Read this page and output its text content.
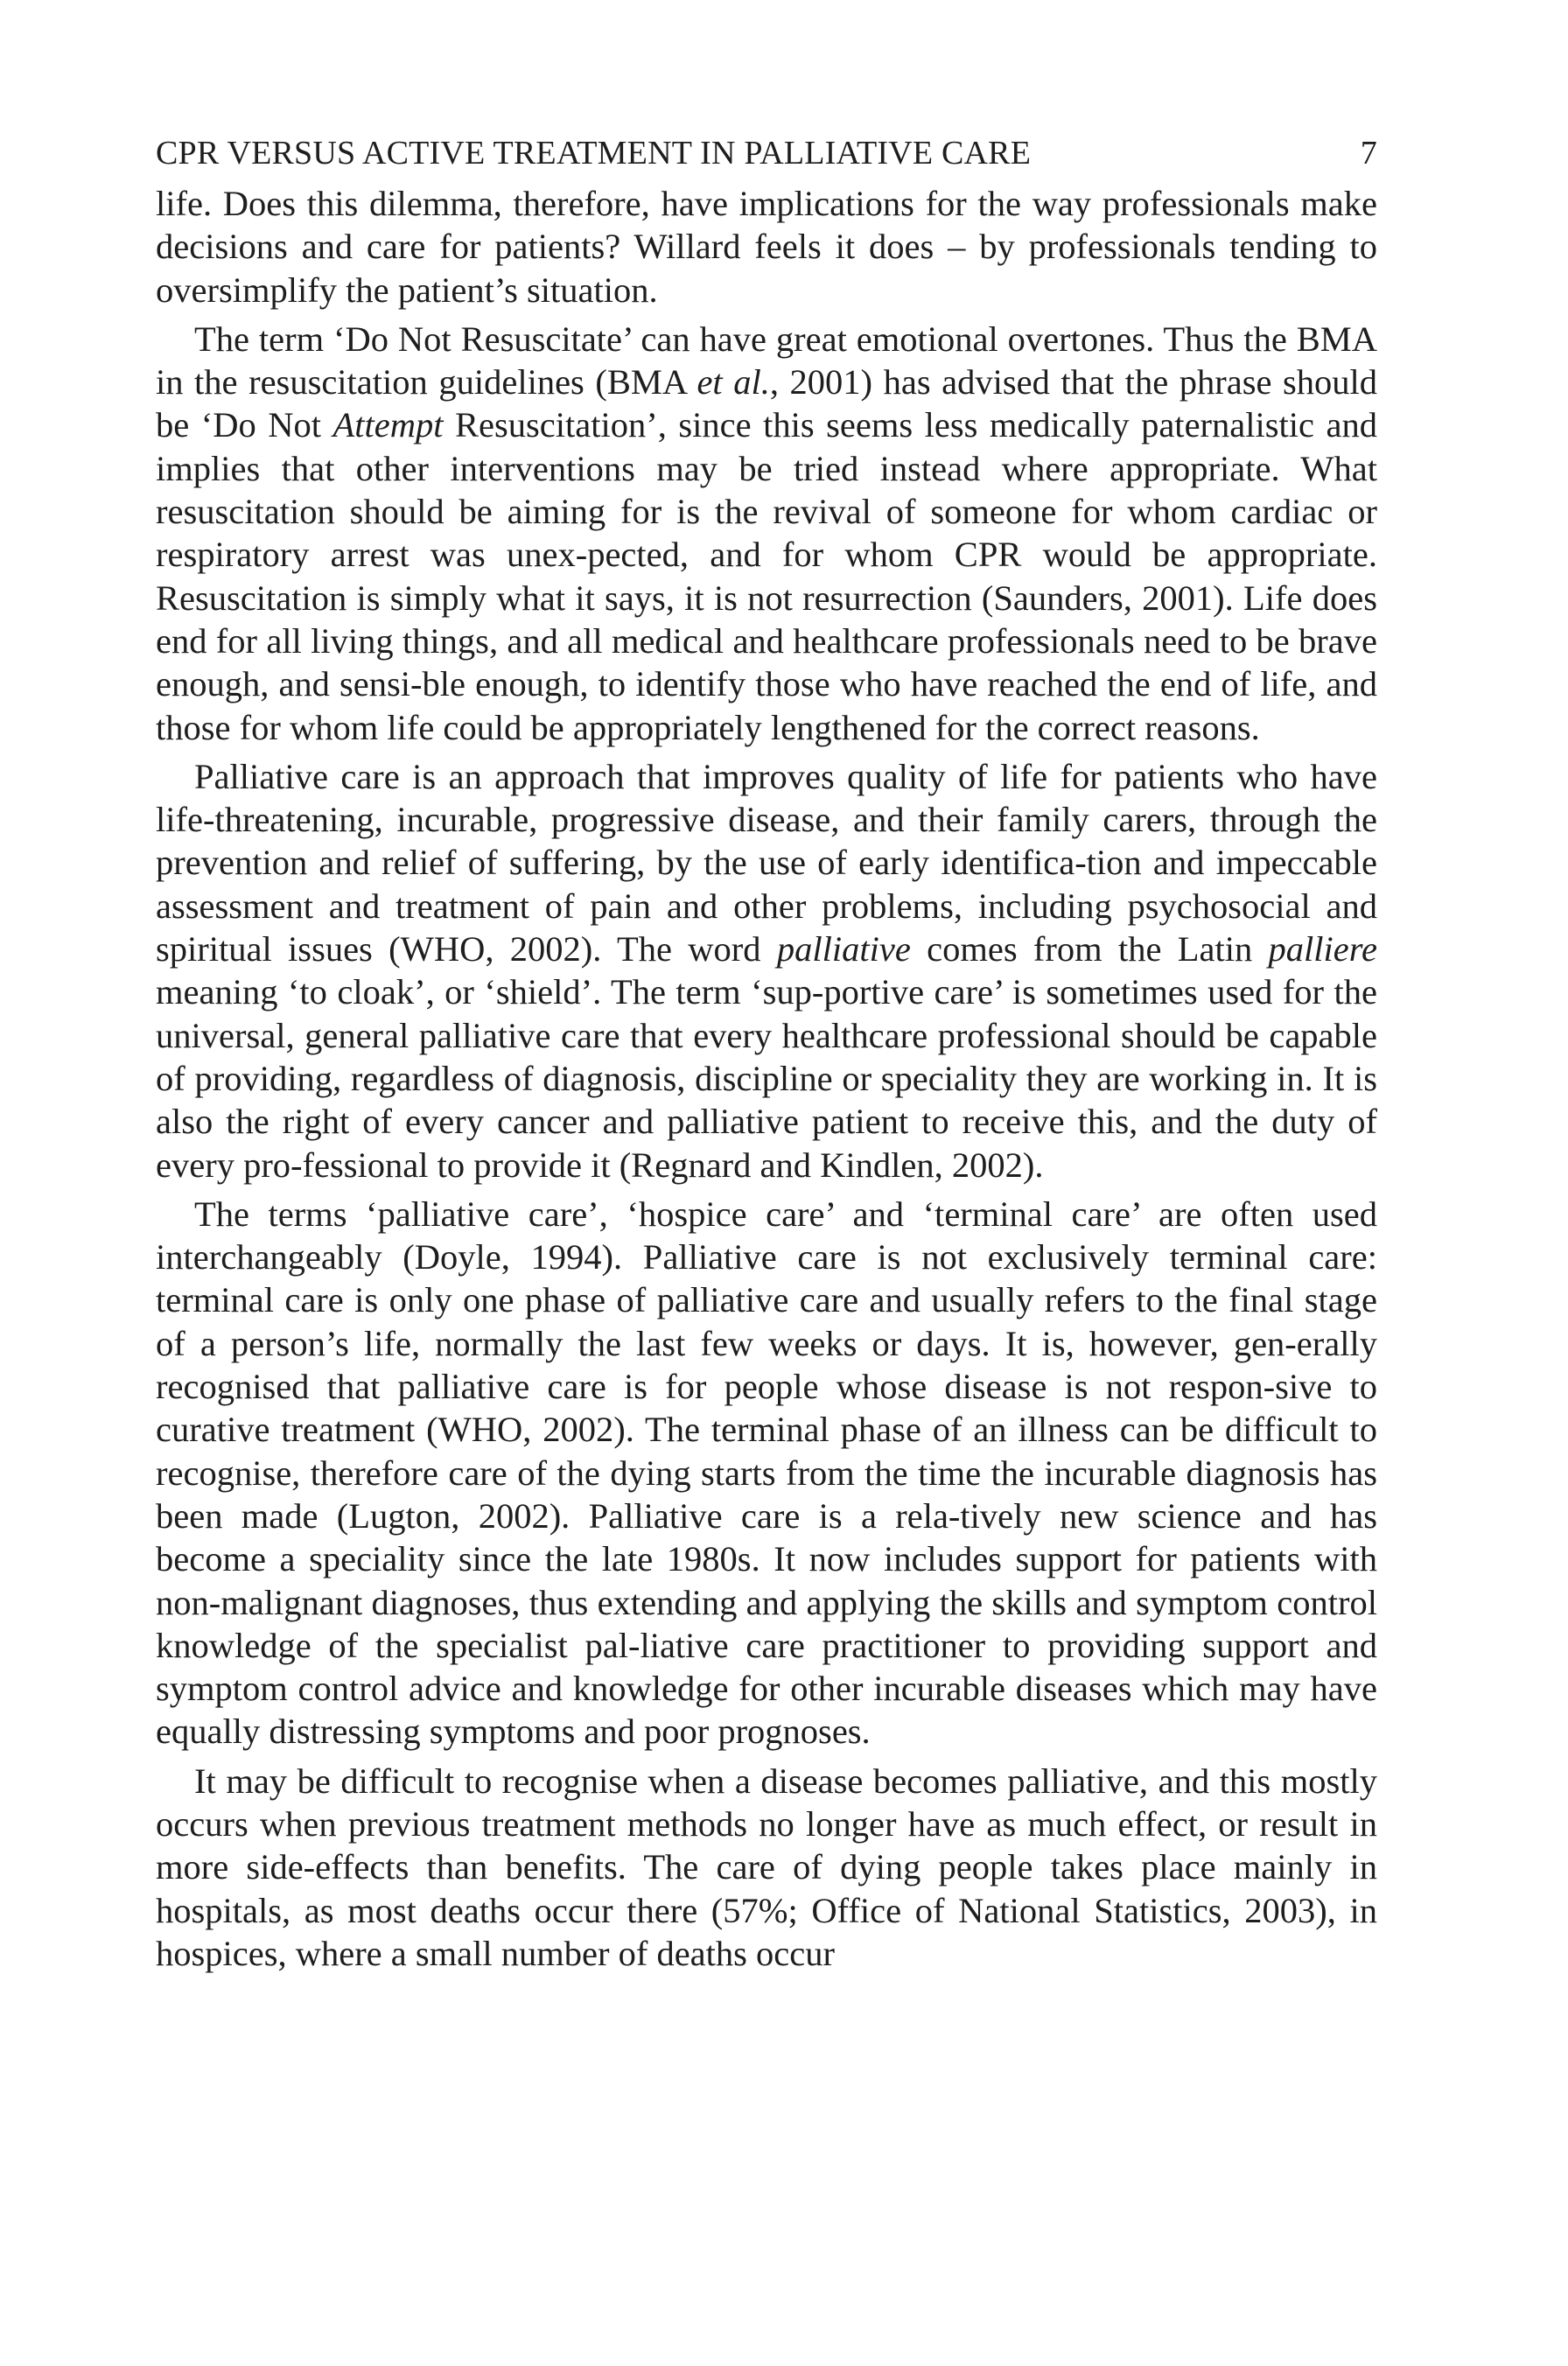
CPR VERSUS ACTIVE TREATMENT IN PALLIATIVE CARE	7

life. Does this dilemma, therefore, have implications for the way professionals make decisions and care for patients? Willard feels it does – by professionals tending to oversimplify the patient’s situation.

The term ‘Do Not Resuscitate’ can have great emotional overtones. Thus the BMA in the resuscitation guidelines (BMA et al., 2001) has advised that the phrase should be ‘Do Not Attempt Resuscitation’, since this seems less medically paternalistic and implies that other interventions may be tried instead where appropriate. What resuscitation should be aiming for is the revival of someone for whom cardiac or respiratory arrest was unex-pected, and for whom CPR would be appropriate. Resuscitation is simply what it says, it is not resurrection (Saunders, 2001). Life does end for all living things, and all medical and healthcare professionals need to be brave enough, and sensi-ble enough, to identify those who have reached the end of life, and those for whom life could be appropriately lengthened for the correct reasons.

Palliative care is an approach that improves quality of life for patients who have life-threatening, incurable, progressive disease, and their family carers, through the prevention and relief of suffering, by the use of early identifica-tion and impeccable assessment and treatment of pain and other problems, including psychosocial and spiritual issues (WHO, 2002). The word palliative comes from the Latin palliere meaning ‘to cloak’, or ‘shield’. The term ‘sup-portive care’ is sometimes used for the universal, general palliative care that every healthcare professional should be capable of providing, regardless of diagnosis, discipline or speciality they are working in. It is also the right of every cancer and palliative patient to receive this, and the duty of every pro-fessional to provide it (Regnard and Kindlen, 2002).

The terms ‘palliative care’, ‘hospice care’ and ‘terminal care’ are often used interchangeably (Doyle, 1994). Palliative care is not exclusively terminal care: terminal care is only one phase of palliative care and usually refers to the final stage of a person’s life, normally the last few weeks or days. It is, however, gen-erally recognised that palliative care is for people whose disease is not respon-sive to curative treatment (WHO, 2002). The terminal phase of an illness can be difficult to recognise, therefore care of the dying starts from the time the incurable diagnosis has been made (Lugton, 2002). Palliative care is a rela-tively new science and has become a speciality since the late 1980s. It now includes support for patients with non-malignant diagnoses, thus extending and applying the skills and symptom control knowledge of the specialist pal-liative care practitioner to providing support and symptom control advice and knowledge for other incurable diseases which may have equally distressing symptoms and poor prognoses.

It may be difficult to recognise when a disease becomes palliative, and this mostly occurs when previous treatment methods no longer have as much effect, or result in more side-effects than benefits. The care of dying people takes place mainly in hospitals, as most deaths occur there (57%; Office of National Statistics, 2003), in hospices, where a small number of deaths occur
